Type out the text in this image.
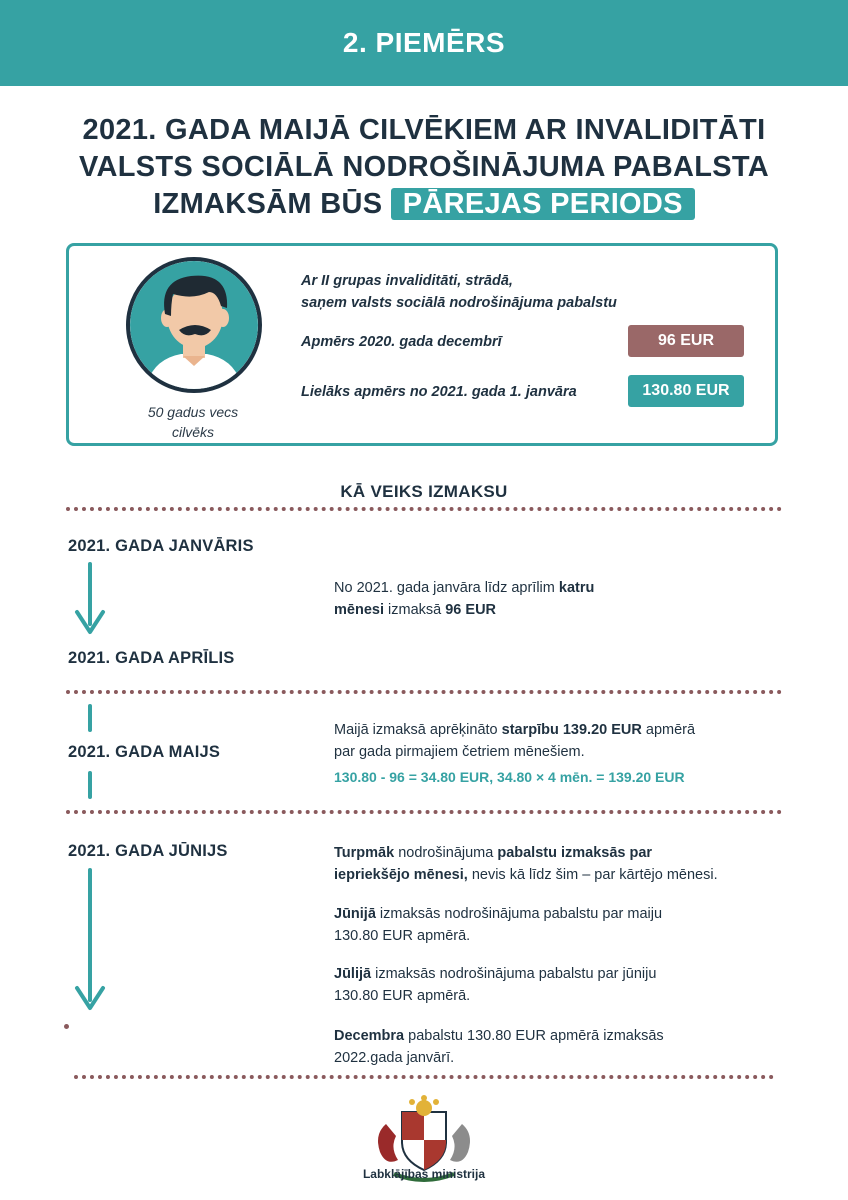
2. PIEMĒRS
2021. GADA MAIJĀ CILVĒKIEM AR INVALIDITĀTI
VALSTS SOCIĀLĀ NODROŠINĀJUMA PABALSTA
IZMAKSĀM BŪS PĀREJAS PERIODS
50 gadus vecs
cilvēks
Ar II grupas invaliditāti, strādā,
saņem valsts sociālā nodrošinājuma pabalstu
Apmērs 2020. gada decembrī	96 EUR
Lielāks apmērs no 2021. gada 1. janvāra	130.80 EUR
KĀ VEIKS IZMAKSU
2021. GADA JANVĀRIS
No 2021. gada janvāra līdz aprīlim katru
mēnesi izmaksā 96 EUR
2021. GADA APRĪLIS
2021. GADA MAIJS
Maijā izmaksā aprēķināto starpību 139.20 EUR apmērā
par gada pirmajiem četriem mēnešiem.
130.80 - 96 = 34.80 EUR, 34.80 × 4 mēn. = 139.20 EUR
2021. GADA JŪNIJS	Turpmāk nodrošinājuma pabalstu izmaksās par
iepriekšējo mēnesi, nevis kā līdz šim – par kārtējo mēnesi.
Jūnijā izmaksās nodrošinājuma pabalstu par maiju
130.80 EUR apmērā.
Jūlijā izmaksās nodrošinājuma pabalstu par jūniju
130.80 EUR apmērā.
Decembra pabalstu 130.80 EUR apmērā izmaksās
2022.gada janvārī.
Labklājības ministrija
